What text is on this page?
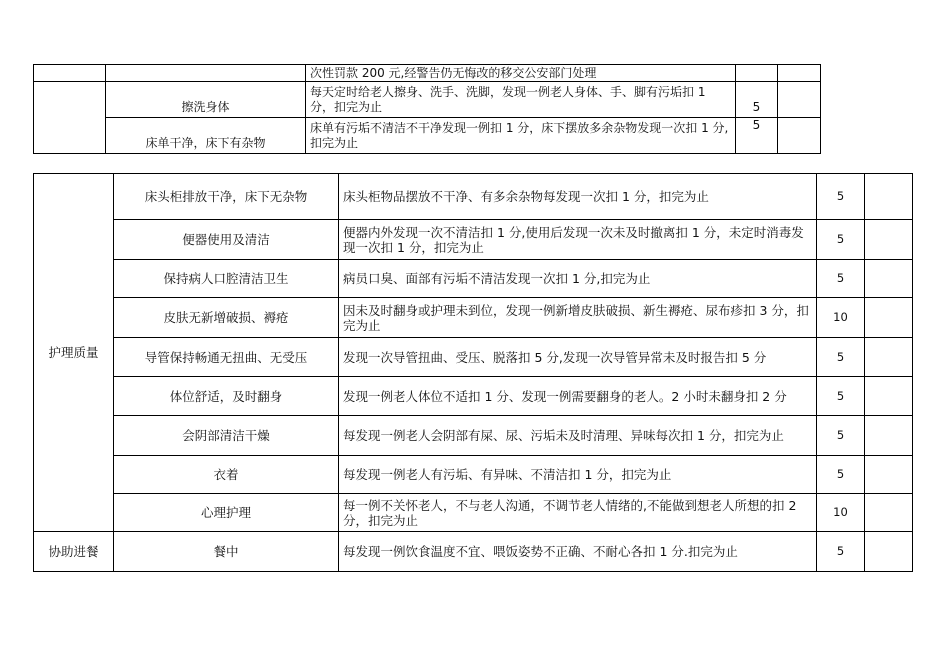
		次性罚款 200 元,经警告仍无悔改的移交公安部门处理		
	擦洗身体	每天定时给老人擦身、洗手、洗脚，发现一例老人身体、手、脚有污垢扣 1 分，扣完为止	5	
	床单干净，床下有杂物	床单有污垢不清洁不干净发现一例扣 1 分，床下摆放多余杂物发现一次扣 1 分,扣完为止	5	
护理质量	床头柜排放干净，床下无杂物	床头柜物品摆放不干净、有多余杂物每发现一次扣 1 分，扣完为止	5	
	便器使用及清洁	便器内外发现一次不清洁扣 1 分,使用后发现一次未及时撤离扣 1 分，未定时消毒发现一次扣 1 分，扣完为止	5	
	保持病人口腔清洁卫生	病员口臭、面部有污垢不清洁发现一次扣 1 分,扣完为止	5	
	皮肤无新增破损、褥疮	因未及时翻身或护理未到位，发现一例新增皮肤破损、新生褥疮、尿布疹扣 3 分，扣完为止	10	
	导管保持畅通无扭曲、无受压	发现一次导管扭曲、受压、脱落扣 5 分,发现一次导管异常未及时报告扣 5 分	5	
	体位舒适，及时翻身	发现一例老人体位不适扣 1 分、发现一例需要翻身的老人。2 小时未翻身扣 2 分	5	
	会阴部清洁干燥	每发现一例老人会阴部有屎、尿、污垢未及时清理、异味每次扣 1 分，扣完为止	5	
	衣着	每发现一例老人有污垢、有异味、不清洁扣 1 分，扣完为止	5	
	心理护理	每一例不关怀老人，不与老人沟通，不调节老人情绪的,不能做到想老人所想的扣 2 分，扣完为止	10	
协助进餐	餐中	每发现一例饮食温度不宜、喂饭姿势不正确、不耐心各扣 1 分.扣完为止	5	
